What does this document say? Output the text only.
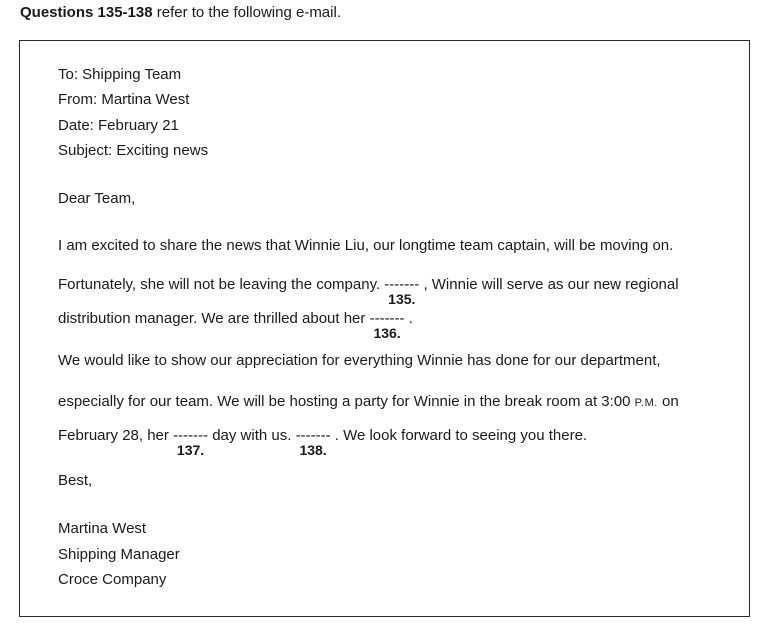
Questions 135-138 refer to the following e-mail.
To: Shipping Team
From: Martina West
Date: February 21
Subject: Exciting news
Dear Team,
I am excited to share the news that Winnie Liu, our longtime team captain, will be moving on.
Fortunately, she will not be leaving the company. -------
135.
, Winnie will serve as our new regional
distribution manager. We are thrilled about her -------
136.
.
We would like to show our appreciation for everything Winnie has done for our department,
especially for our team. We will be hosting a party for Winnie in the break room at 3:00 P.M. on
February 28, her -------
137.
day with us. -------
138.
. We look forward to seeing you there.
Best,
Martina West
Shipping Manager
Croce Company
